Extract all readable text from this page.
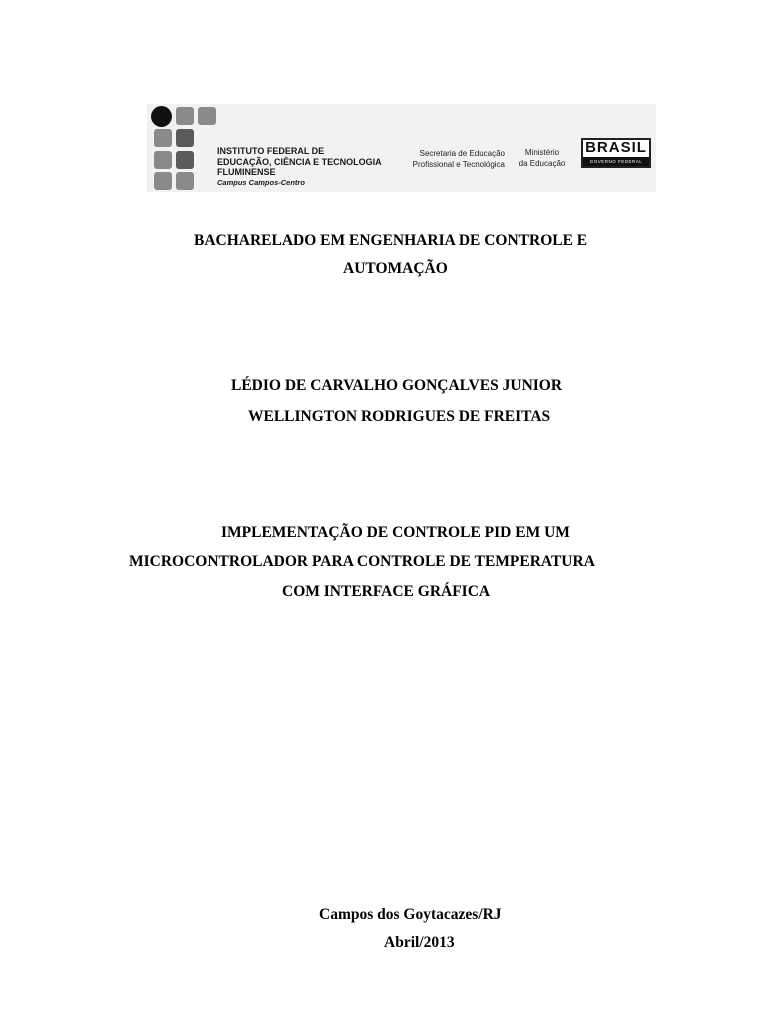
INSTITUTO FEDERAL DE
EDUCAÇÃO, CIÊNCIA E TECNOLOGIA
FLUMINENSE
Campus Campos-Centro
Secretaria de Educação
Profissional e Tecnológica
Ministério
da Educação
BRASIL
GOVERNO FEDERAL
BACHARELADO EM ENGENHARIA DE CONTROLE E
AUTOMAÇÃO
LÉDIO DE CARVALHO GONÇALVES JUNIOR
WELLINGTON RODRIGUES DE FREITAS
IMPLEMENTAÇÃO DE CONTROLE PID EM UM
MICROCONTROLADOR PARA CONTROLE DE TEMPERATURA
COM INTERFACE GRÁFICA
Campos dos Goytacazes/RJ
Abril/2013
